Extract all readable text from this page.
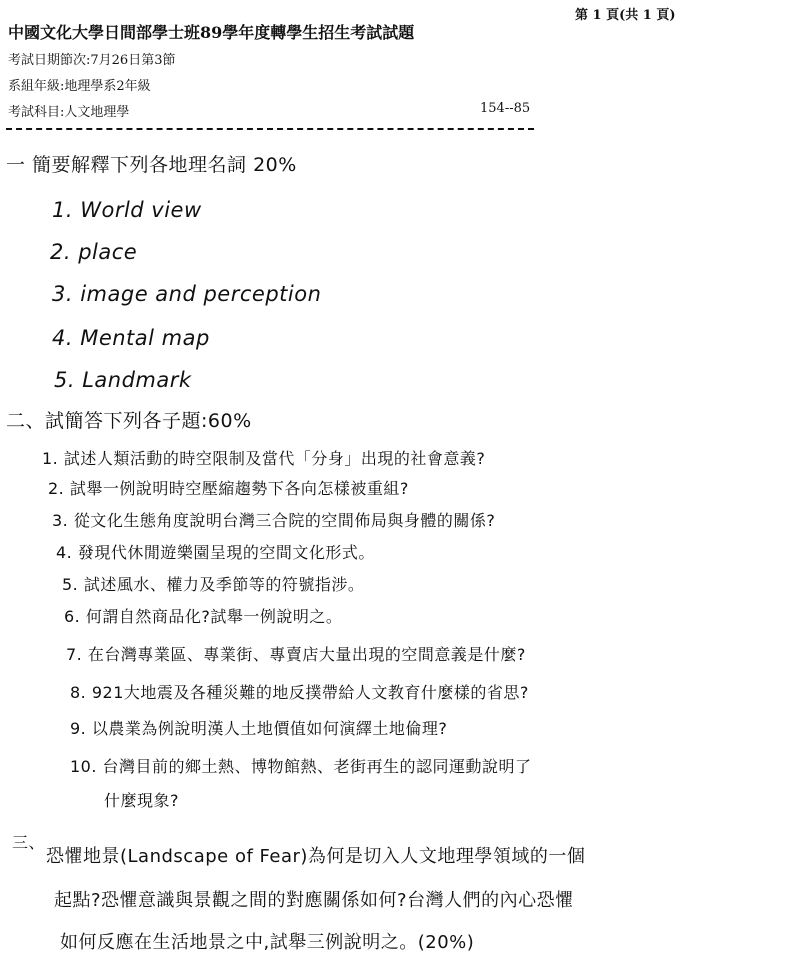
第 1 頁(共 1 頁)
中國文化大學日間部學士班89學年度轉學生招生考試試題
考試日期節次:7月26日第3節
系組年級:地理學系2年級
考試科目:人文地理學	154--85
一 簡要解釋下列各地理名詞 20%
1. World view
2. place
3. image and perception
4. Mental map
5. Landmark
二、試簡答下列各子題:60%
1. 試述人類活動的時空限制及當代「分身」出現的社會意義?
2. 試舉一例說明時空壓縮趨勢下各向怎樣被重組?
3. 從文化生態角度說明台灣三合院的空間佈局與身體的關係?
4. 發現代休閒遊樂園呈現的空間文化形式。
5. 試述風水、權力及季節等的符號指涉。
6. 何謂自然商品化?試舉一例說明之。
7. 在台灣專業區、專業街、專賣店大量出現的空間意義是什麼?
8. 921大地震及各種災難的地反撲帶給人文教育什麼樣的省思?
9. 以農業為例說明漢人土地價值如何演繹土地倫理?
10. 台灣目前的鄉土熱、博物館熱、老街再生的認同運動說明了
什麼現象?
三、
恐懼地景(Landscape of Fear)為何是切入人文地理學領域的一個
起點?恐懼意識與景觀之間的對應關係如何?台灣人們的內心恐懼
如何反應在生活地景之中,試舉三例說明之。(20%)
